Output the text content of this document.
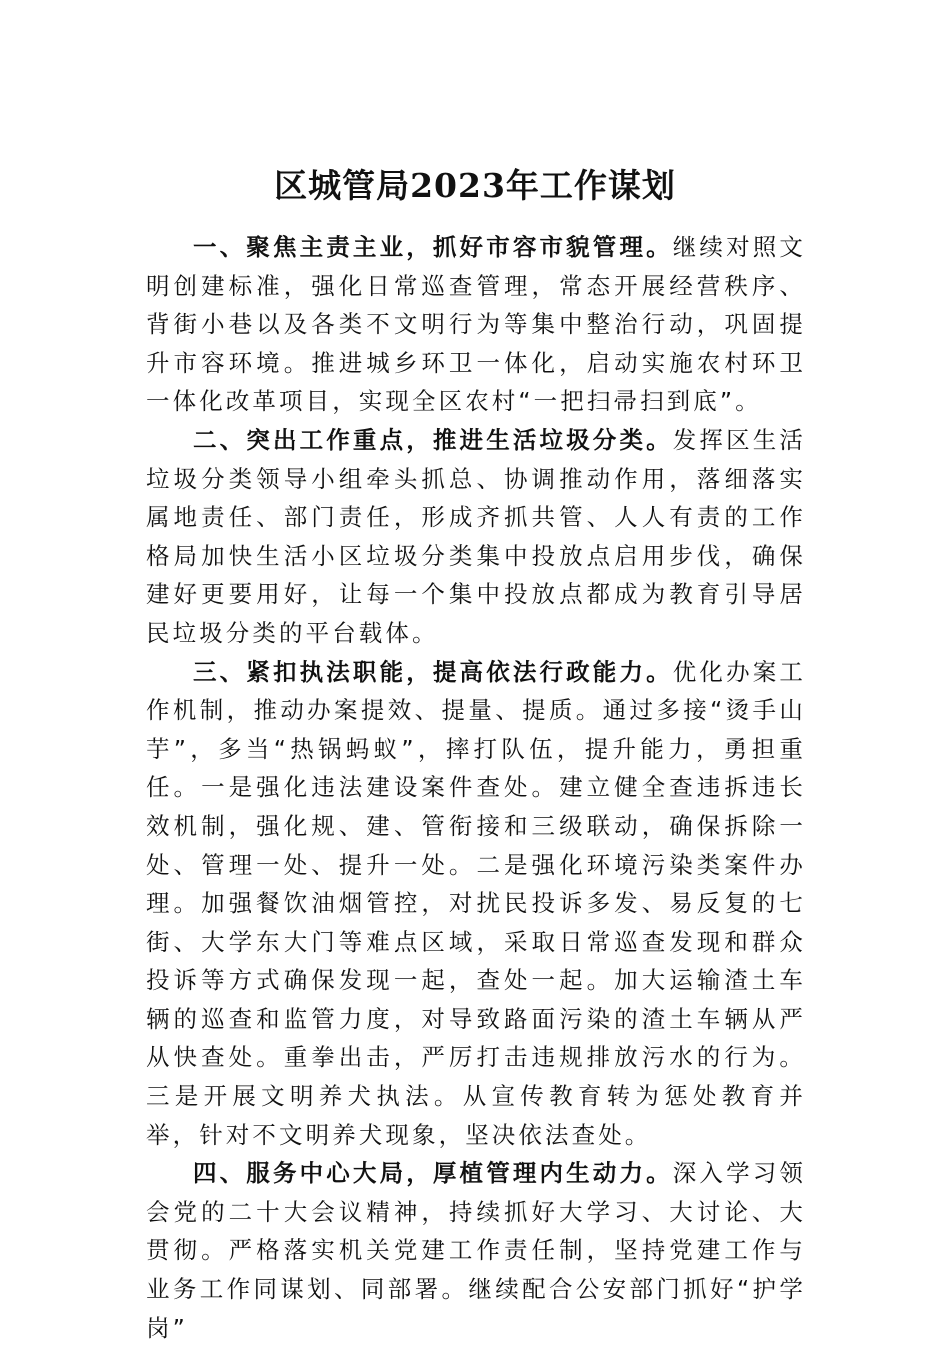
区城管局2023年工作谋划

一、聚焦主责主业，抓好市容市貌管理。继续对照文明创建标准，强化日常巡查管理，常态开展经营秩序、背街小巷以及各类不文明行为等集中整治行动，巩固提升市容环境。推进城乡环卫一体化，启动实施农村环卫一体化改革项目，实现全区农村“一把扫帚扫到底”。

二、突出工作重点，推进生活垃圾分类。发挥区生活垃圾分类领导小组牵头抓总、协调推动作用，落细落实属地责任、部门责任，形成齐抓共管、人人有责的工作格局加快生活小区垃圾分类集中投放点启用步伐，确保建好更要用好，让每一个集中投放点都成为教育引导居民垃圾分类的平台载体。

三、紧扣执法职能，提高依法行政能力。优化办案工作机制，推动办案提效、提量、提质。通过多接“烫手山芋”，多当“热锅蚂蚁”，摔打队伍，提升能力，勇担重任。一是强化违法建设案件查处。建立健全查违拆违长效机制，强化规、建、管衔接和三级联动，确保拆除一处、管理一处、提升一处。二是强化环境污染类案件办理。加强餐饮油烟管控，对扰民投诉多发、易反复的七街、大学东大门等难点区域，采取日常巡查发现和群众投诉等方式确保发现一起，查处一起。加大运输渣土车辆的巡查和监管力度，对导致路面污染的渣土车辆从严从快查处。重拳出击，严厉打击违规排放污水的行为。三是开展文明养犬执法。从宣传教育转为惩处教育并举，针对不文明养犬现象，坚决依法查处。

四、服务中心大局，厚植管理内生动力。深入学习领会党的二十大会议精神，持续抓好大学习、大讨论、大贯彻。严格落实机关党建工作责任制，坚持党建工作与业务工作同谋划、同部署。继续配合公安部门抓好“护学岗”
